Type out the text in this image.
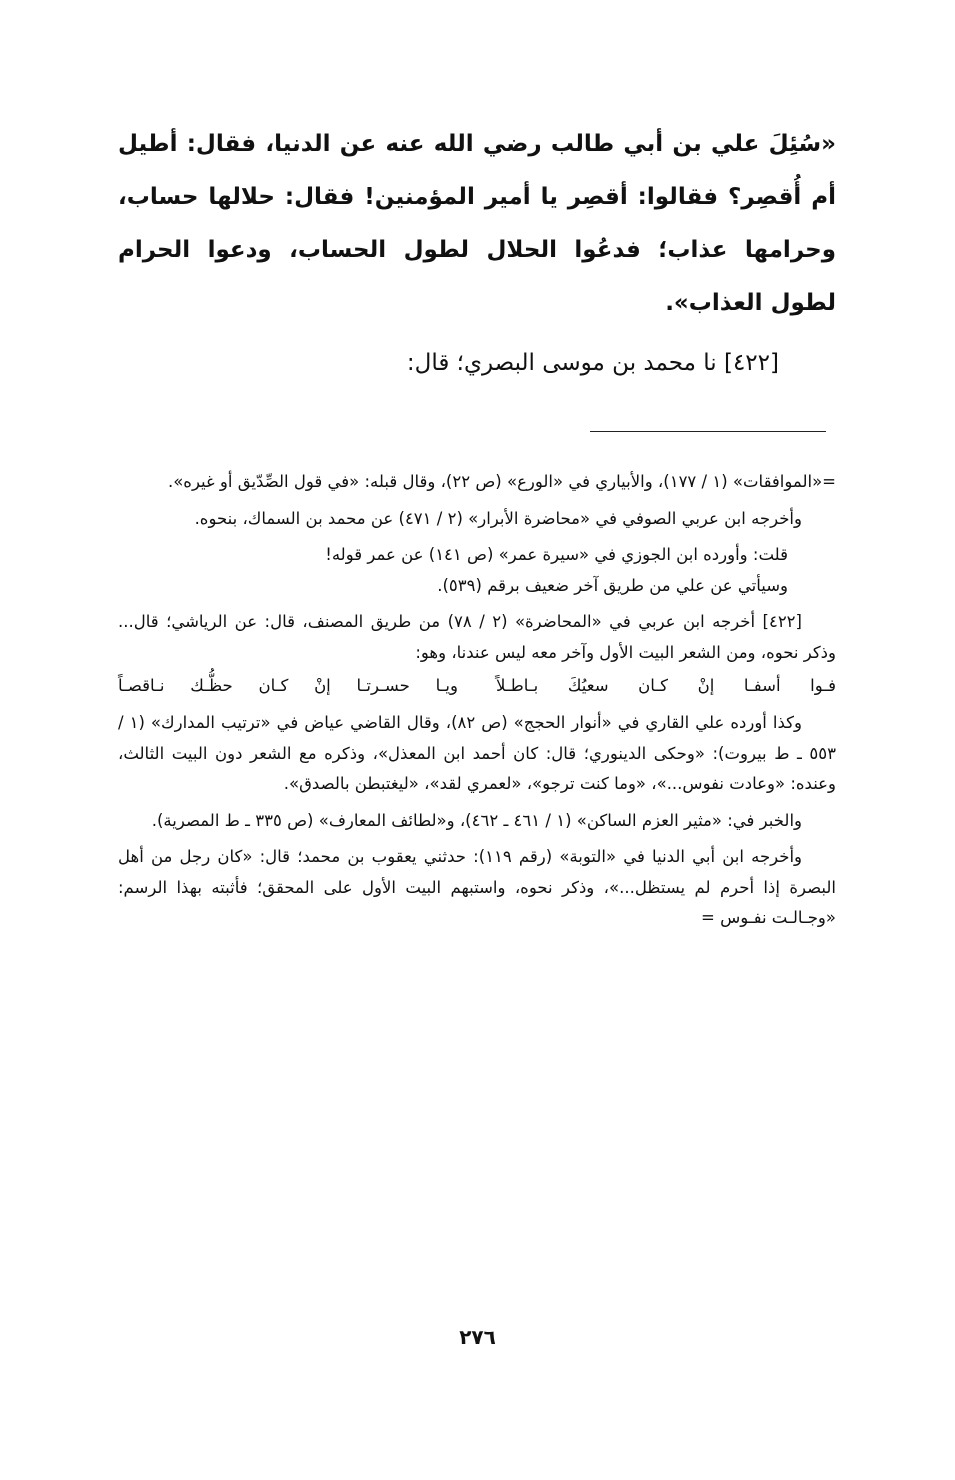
«سُئِلَ علي بن أبي طالب رضي الله عنه عن الدنيا، فقال: أطيل أم أُقصِر؟ فقالوا: أقصِر يا أمير المؤمنين! فقال: حلالها حساب، وحرامها عذاب؛ فدعُوا الحلال لطول الحساب، ودعوا الحرام لطول العذاب».

[٤٢٢] نا محمد بن موسى البصري؛ قال:

=«الموافقات» (١ / ١٧٧)، والأبياري في «الورع» (ص ٢٢)، وقال قبله: «في قول الصِّدّيق أو غيره».

وأخرجه ابن عربي الصوفي في «محاضرة الأبرار» (٢ / ٤٧١) عن محمد بن السماك، بنحوه.

قلت: وأورده ابن الجوزي في «سيرة عمر» (ص ١٤١) عن عمر قوله!

وسيأتي عن علي من طريق آخر ضعيف برقم (٥٣٩).

[٤٢٢] أخرجه ابن عربي في «المحاضرة» (٢ / ٧٨) من طريق المصنف، قال: عن الرياشي؛ قال... وذكر نحوه، ومن الشعر البيت الأول وآخر معه ليس عندنا، وهو:

فـوا أسفـا إنْ كـان سعيُكَ بـاطـلاً
ويـا حسـرتـا إنْ كـان حظُّـك نـاقصـاً

وكذا أورده علي القاري في «أنوار الحجج» (ص ٨٢)، وقال القاضي عياض في «ترتيب المدارك» (١ / ٥٥٣ ـ ط بيروت): «وحكى الدينوري؛ قال: كان أحمد ابن المعذل»، وذكره مع الشعر دون البيت الثالث، وعنده: «وعادت نفوس...»، «وما كنت ترجو»، «لعمري لقد»، «ليغتبطن بالصدق».

والخبر في: «مثير العزم الساكن» (١ / ٤٦١ ـ ٤٦٢)، و«لطائف المعارف» (ص ٣٣٥ ـ ط المصرية).

وأخرجه ابن أبي الدنيا في «التوبة» (رقم ١١٩): حدثني يعقوب بن محمد؛ قال: «كان رجل من أهل البصرة إذا أحرم لم يستظل...»، وذكر نحوه، واستبهم البيت الأول على المحقق؛ فأثبته بهذا الرسم: «وجـالـت نفـوس =

٢٧٦
